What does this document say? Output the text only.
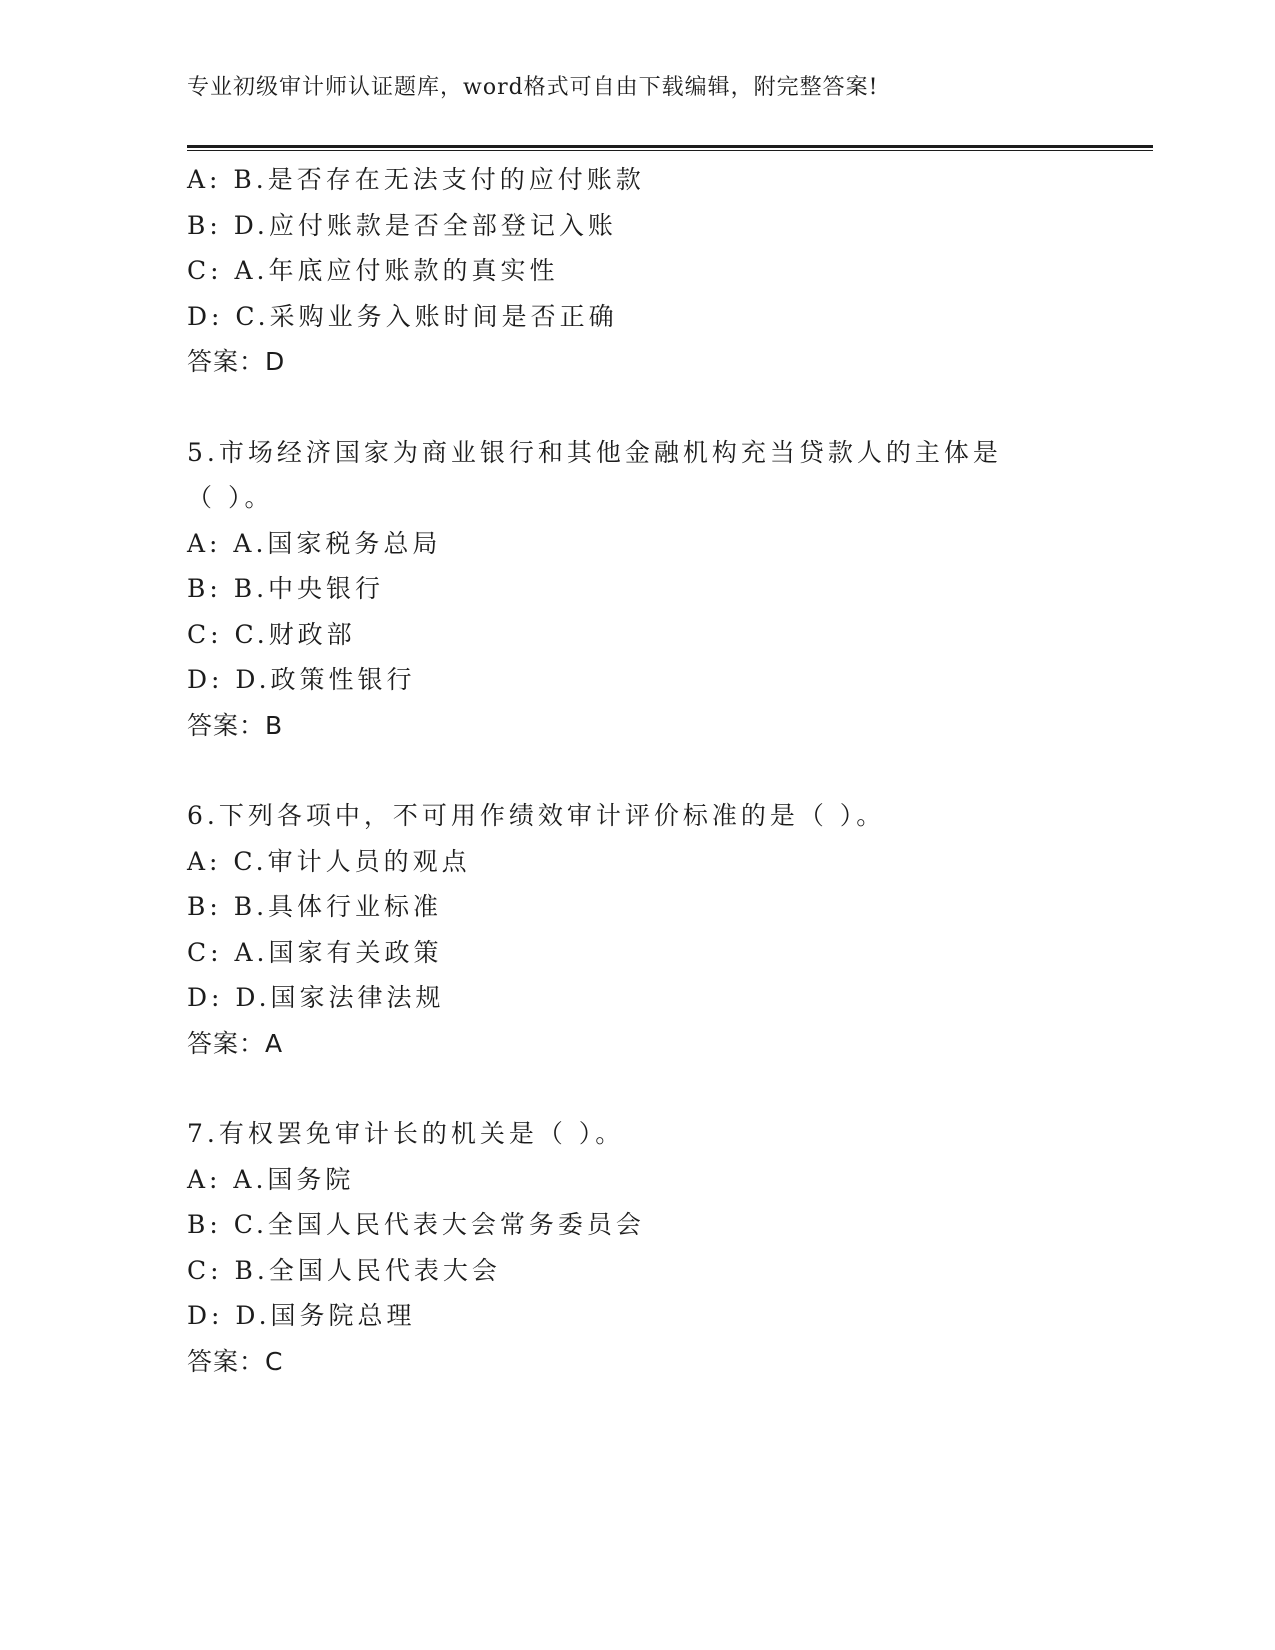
专业初级审计师认证题库，word格式可自由下载编辑，附完整答案!
A: B.是否存在无法支付的应付账款
B: D.应付账款是否全部登记入账
C: A.年底应付账款的真实性
D: C.采购业务入账时间是否正确
答案：D
5.市场经济国家为商业银行和其他金融机构充当贷款人的主体是（ ）。
A: A.国家税务总局
B: B.中央银行
C: C.财政部
D: D.政策性银行
答案：B
6.下列各项中，不可用作绩效审计评价标准的是（ ）。
A: C.审计人员的观点
B: B.具体行业标准
C: A.国家有关政策
D: D.国家法律法规
答案：A
7.有权罢免审计长的机关是（ ）。
A: A.国务院
B: C.全国人民代表大会常务委员会
C: B.全国人民代表大会
D: D.国务院总理
答案：C
